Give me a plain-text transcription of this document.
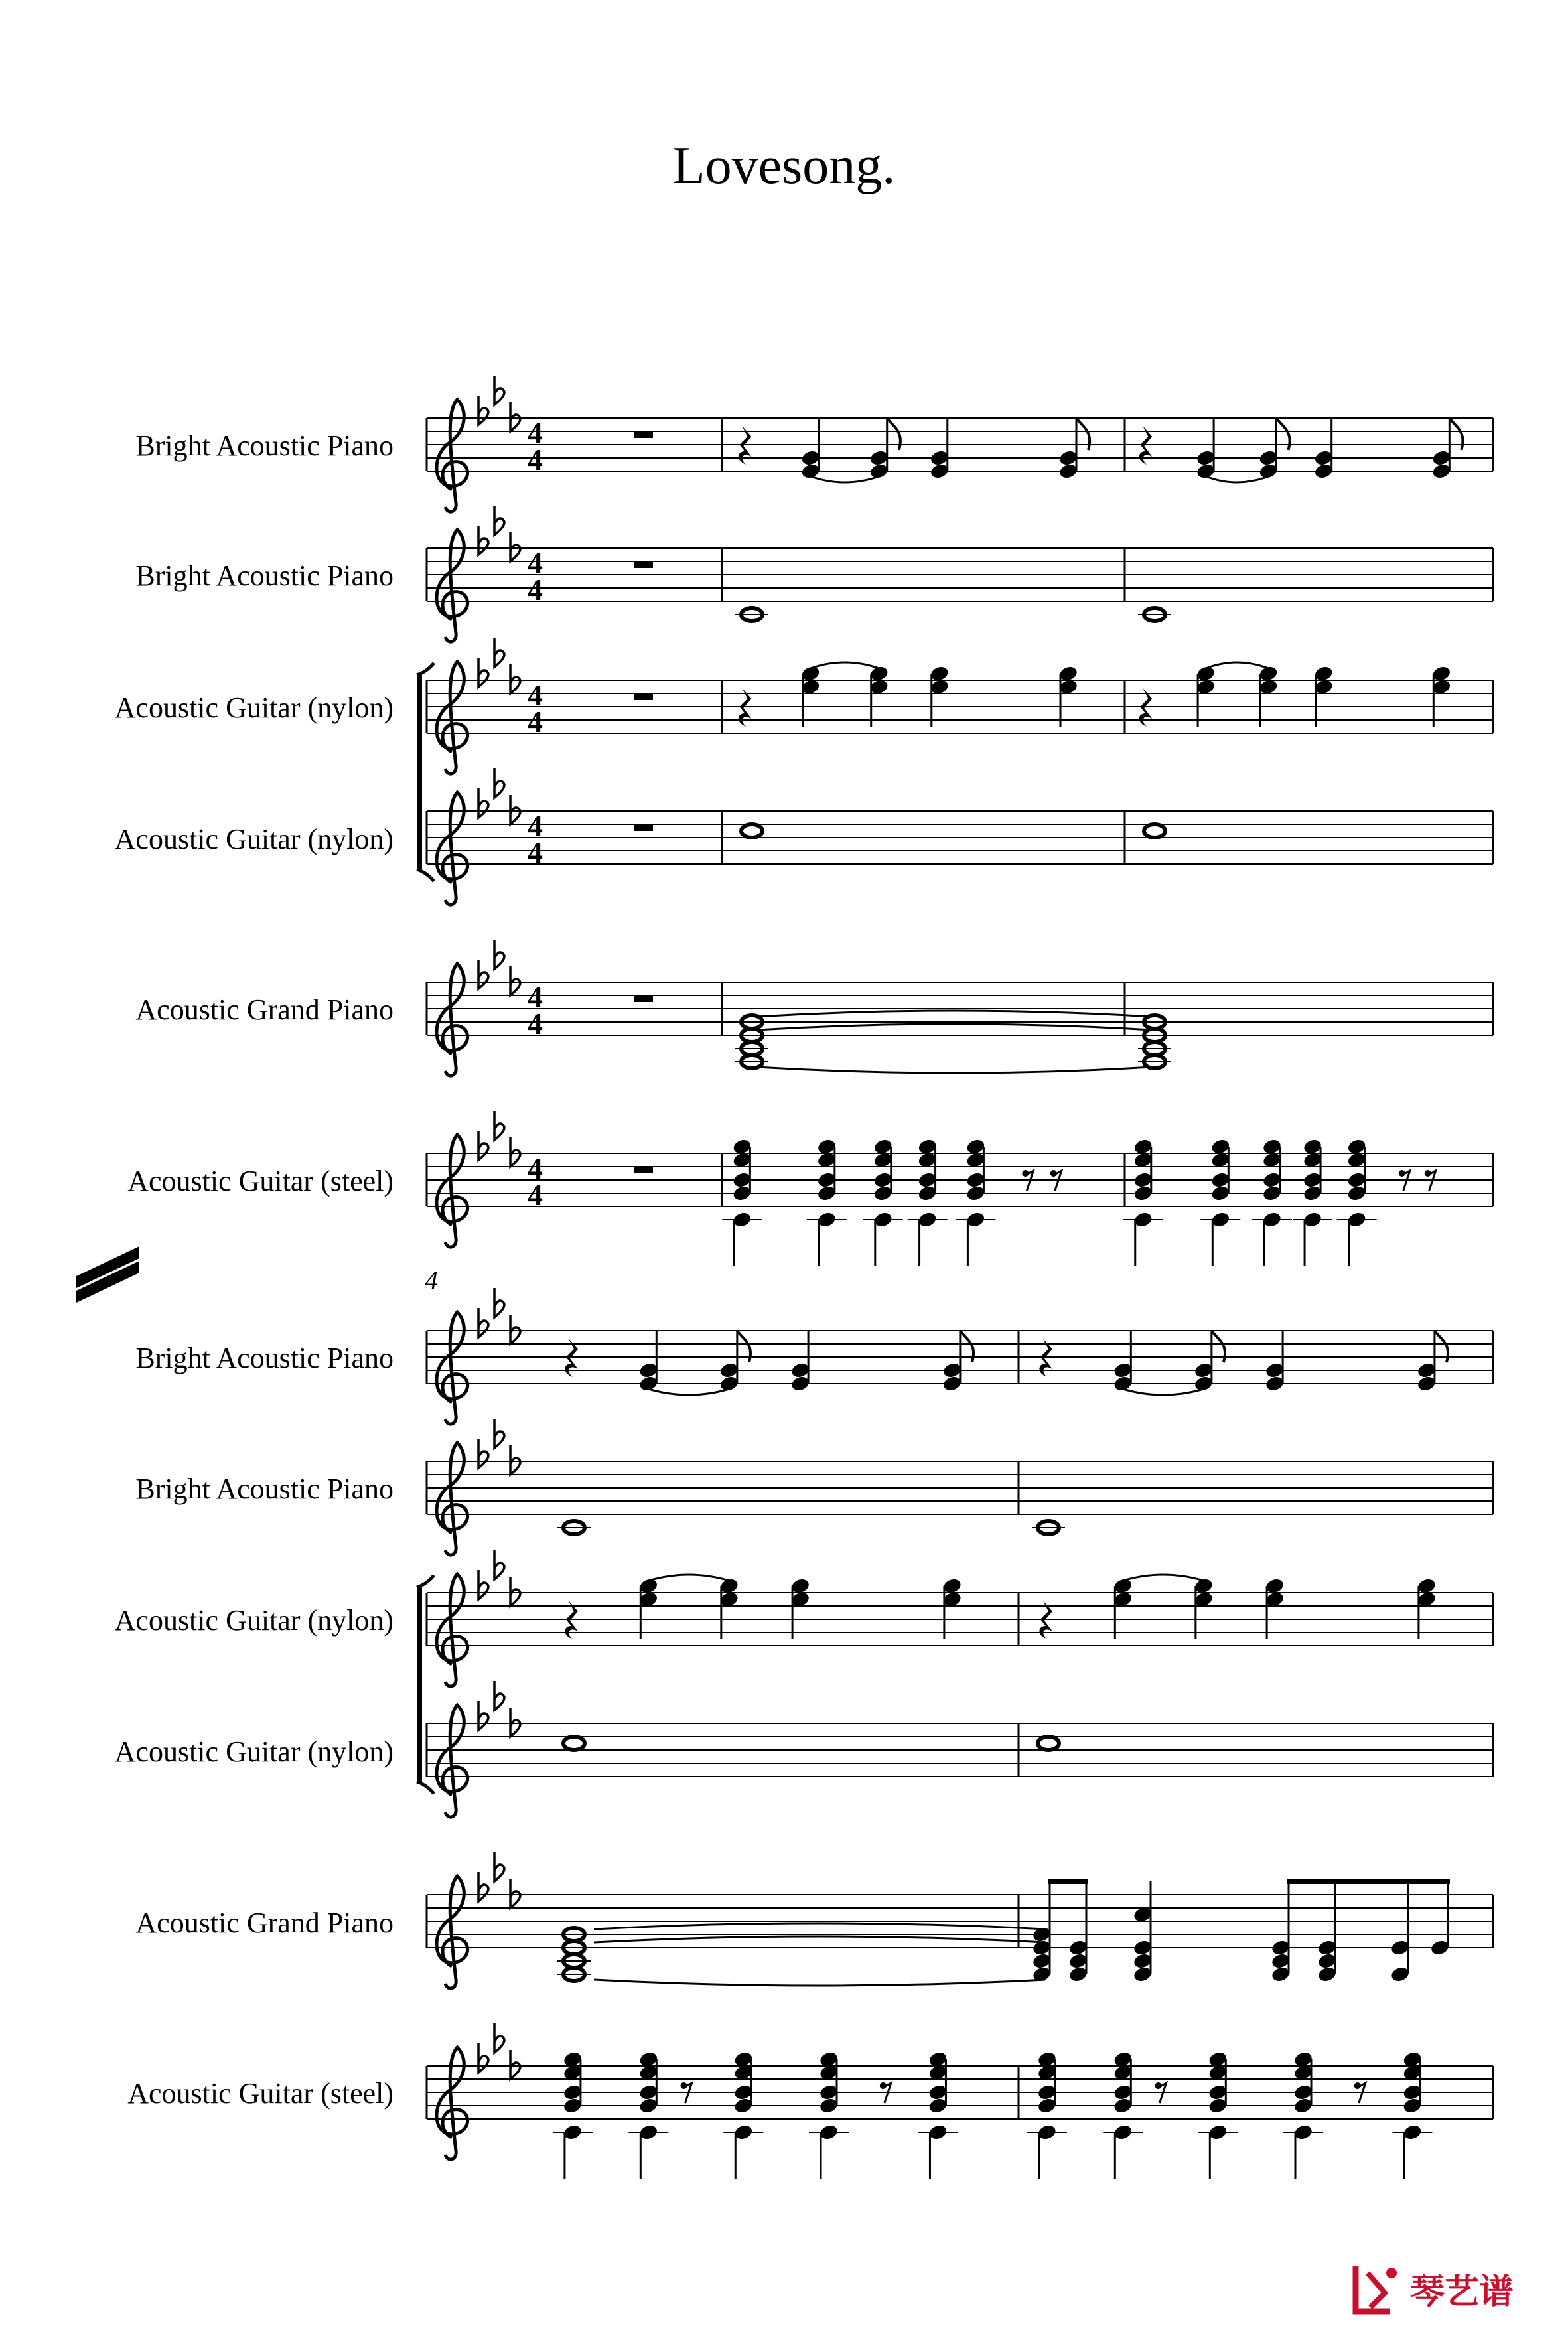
Lovesong.
Bright Acoustic Piano
Bright Acoustic Piano
Acoustic Guitar (nylon)
Acoustic Guitar (nylon)
Acoustic Grand Piano
Acoustic Guitar (steel)
4
Bright Acoustic Piano
Bright Acoustic Piano
Acoustic Guitar (nylon)
Acoustic Guitar (nylon)
Acoustic Grand Piano
Acoustic Guitar (steel)
4
4
4
4
4
4
4
4
4
4
4
4
琴艺谱
